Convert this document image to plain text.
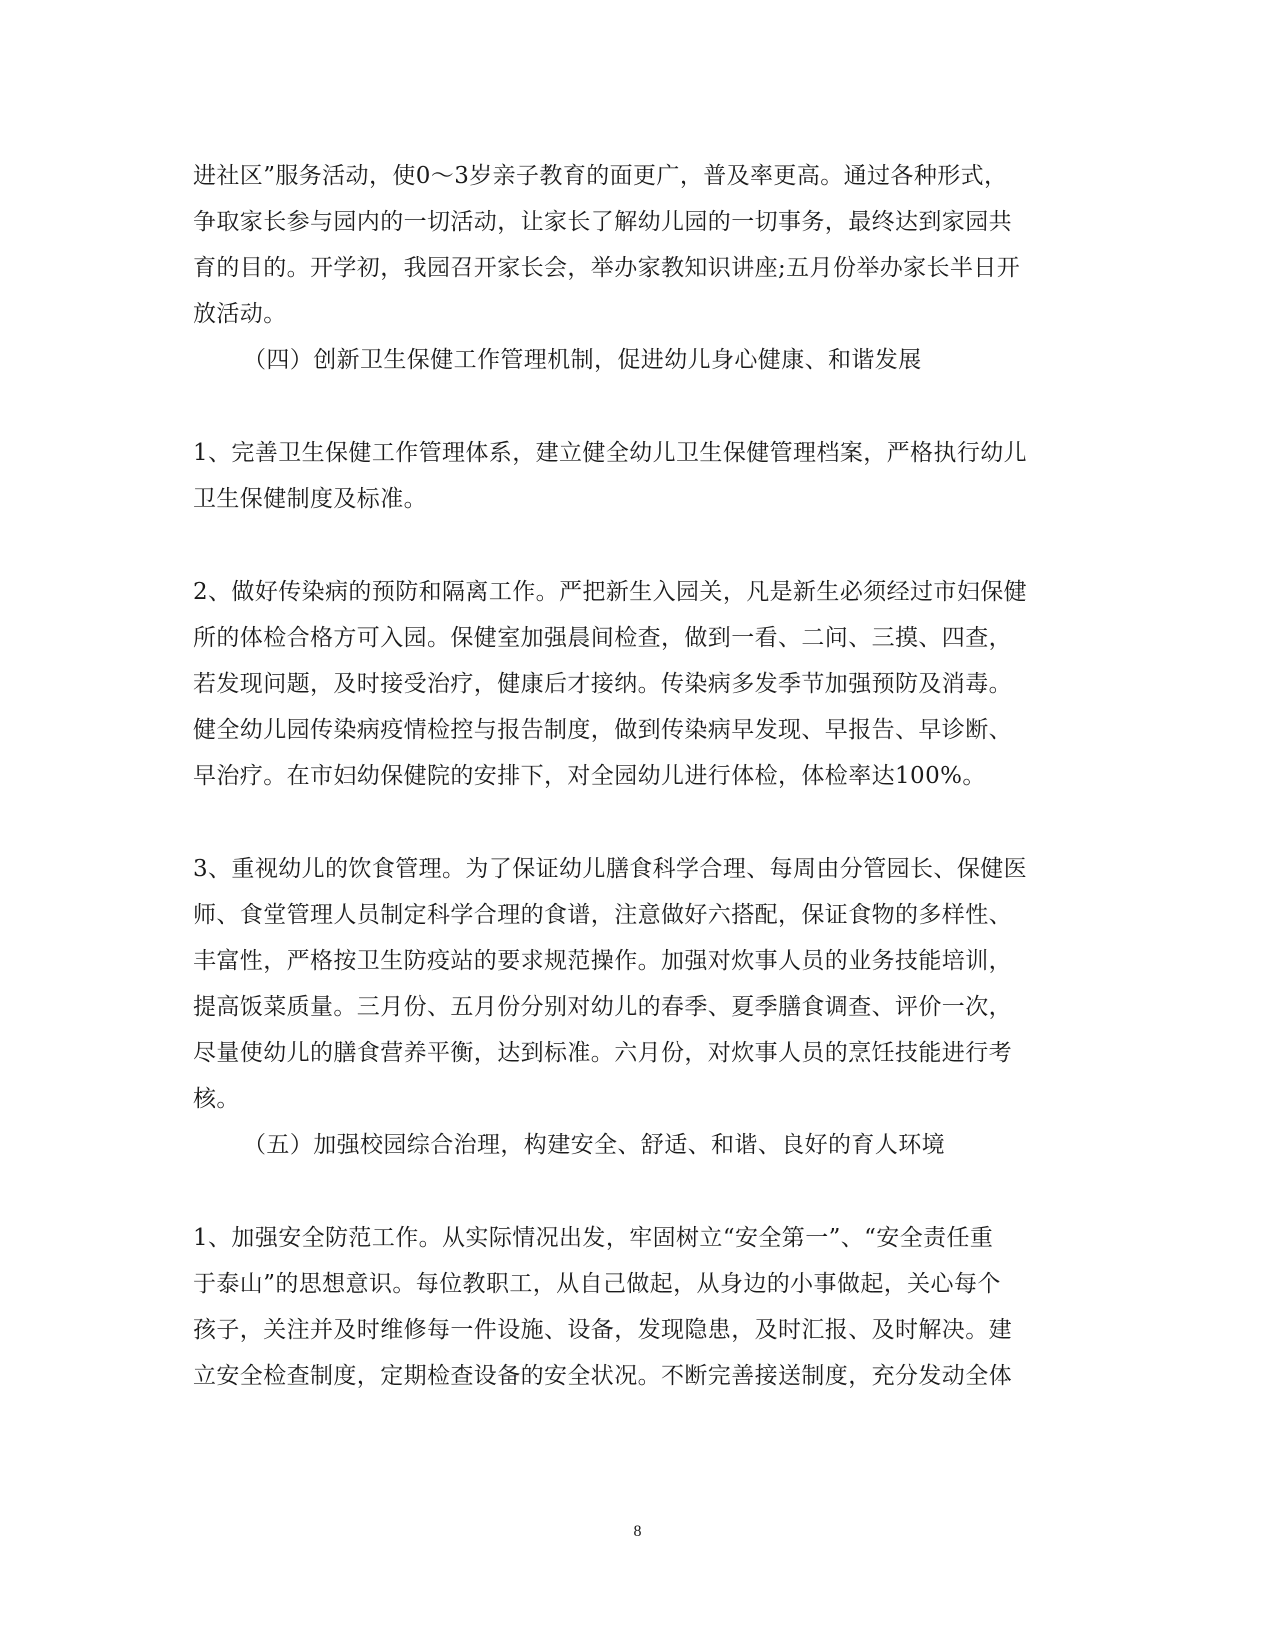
进社区”服务活动，使0～3岁亲子教育的面更广，普及率更高。通过各种形式，
争取家长参与园内的一切活动，让家长了解幼儿园的一切事务，最终达到家园共
育的目的。开学初，我园召开家长会，举办家教知识讲座;五月份举办家长半日开
放活动。
（四）创新卫生保健工作管理机制，促进幼儿身心健康、和谐发展
1、完善卫生保健工作管理体系，建立健全幼儿卫生保健管理档案，严格执行幼儿
卫生保健制度及标准。
2、做好传染病的预防和隔离工作。严把新生入园关，凡是新生必须经过市妇保健
所的体检合格方可入园。保健室加强晨间检查，做到一看、二问、三摸、四查，
若发现问题，及时接受治疗，健康后才接纳。传染病多发季节加强预防及消毒。
健全幼儿园传染病疫情检控与报告制度，做到传染病早发现、早报告、早诊断、
早治疗。在市妇幼保健院的安排下，对全园幼儿进行体检，体检率达100%。
3、重视幼儿的饮食管理。为了保证幼儿膳食科学合理、每周由分管园长、保健医
师、食堂管理人员制定科学合理的食谱，注意做好六搭配，保证食物的多样性、
丰富性，严格按卫生防疫站的要求规范操作。加强对炊事人员的业务技能培训，
提高饭菜质量。三月份、五月份分别对幼儿的春季、夏季膳食调查、评价一次，
尽量使幼儿的膳食营养平衡，达到标准。六月份，对炊事人员的烹饪技能进行考
核。
（五）加强校园综合治理，构建安全、舒适、和谐、良好的育人环境
1、加强安全防范工作。从实际情况出发，牢固树立“安全第一”、“安全责任重
于泰山”的思想意识。每位教职工，从自己做起，从身边的小事做起，关心每个
孩子，关注并及时维修每一件设施、设备，发现隐患，及时汇报、及时解决。建
立安全检查制度，定期检查设备的安全状况。不断完善接送制度，充分发动全体
8
